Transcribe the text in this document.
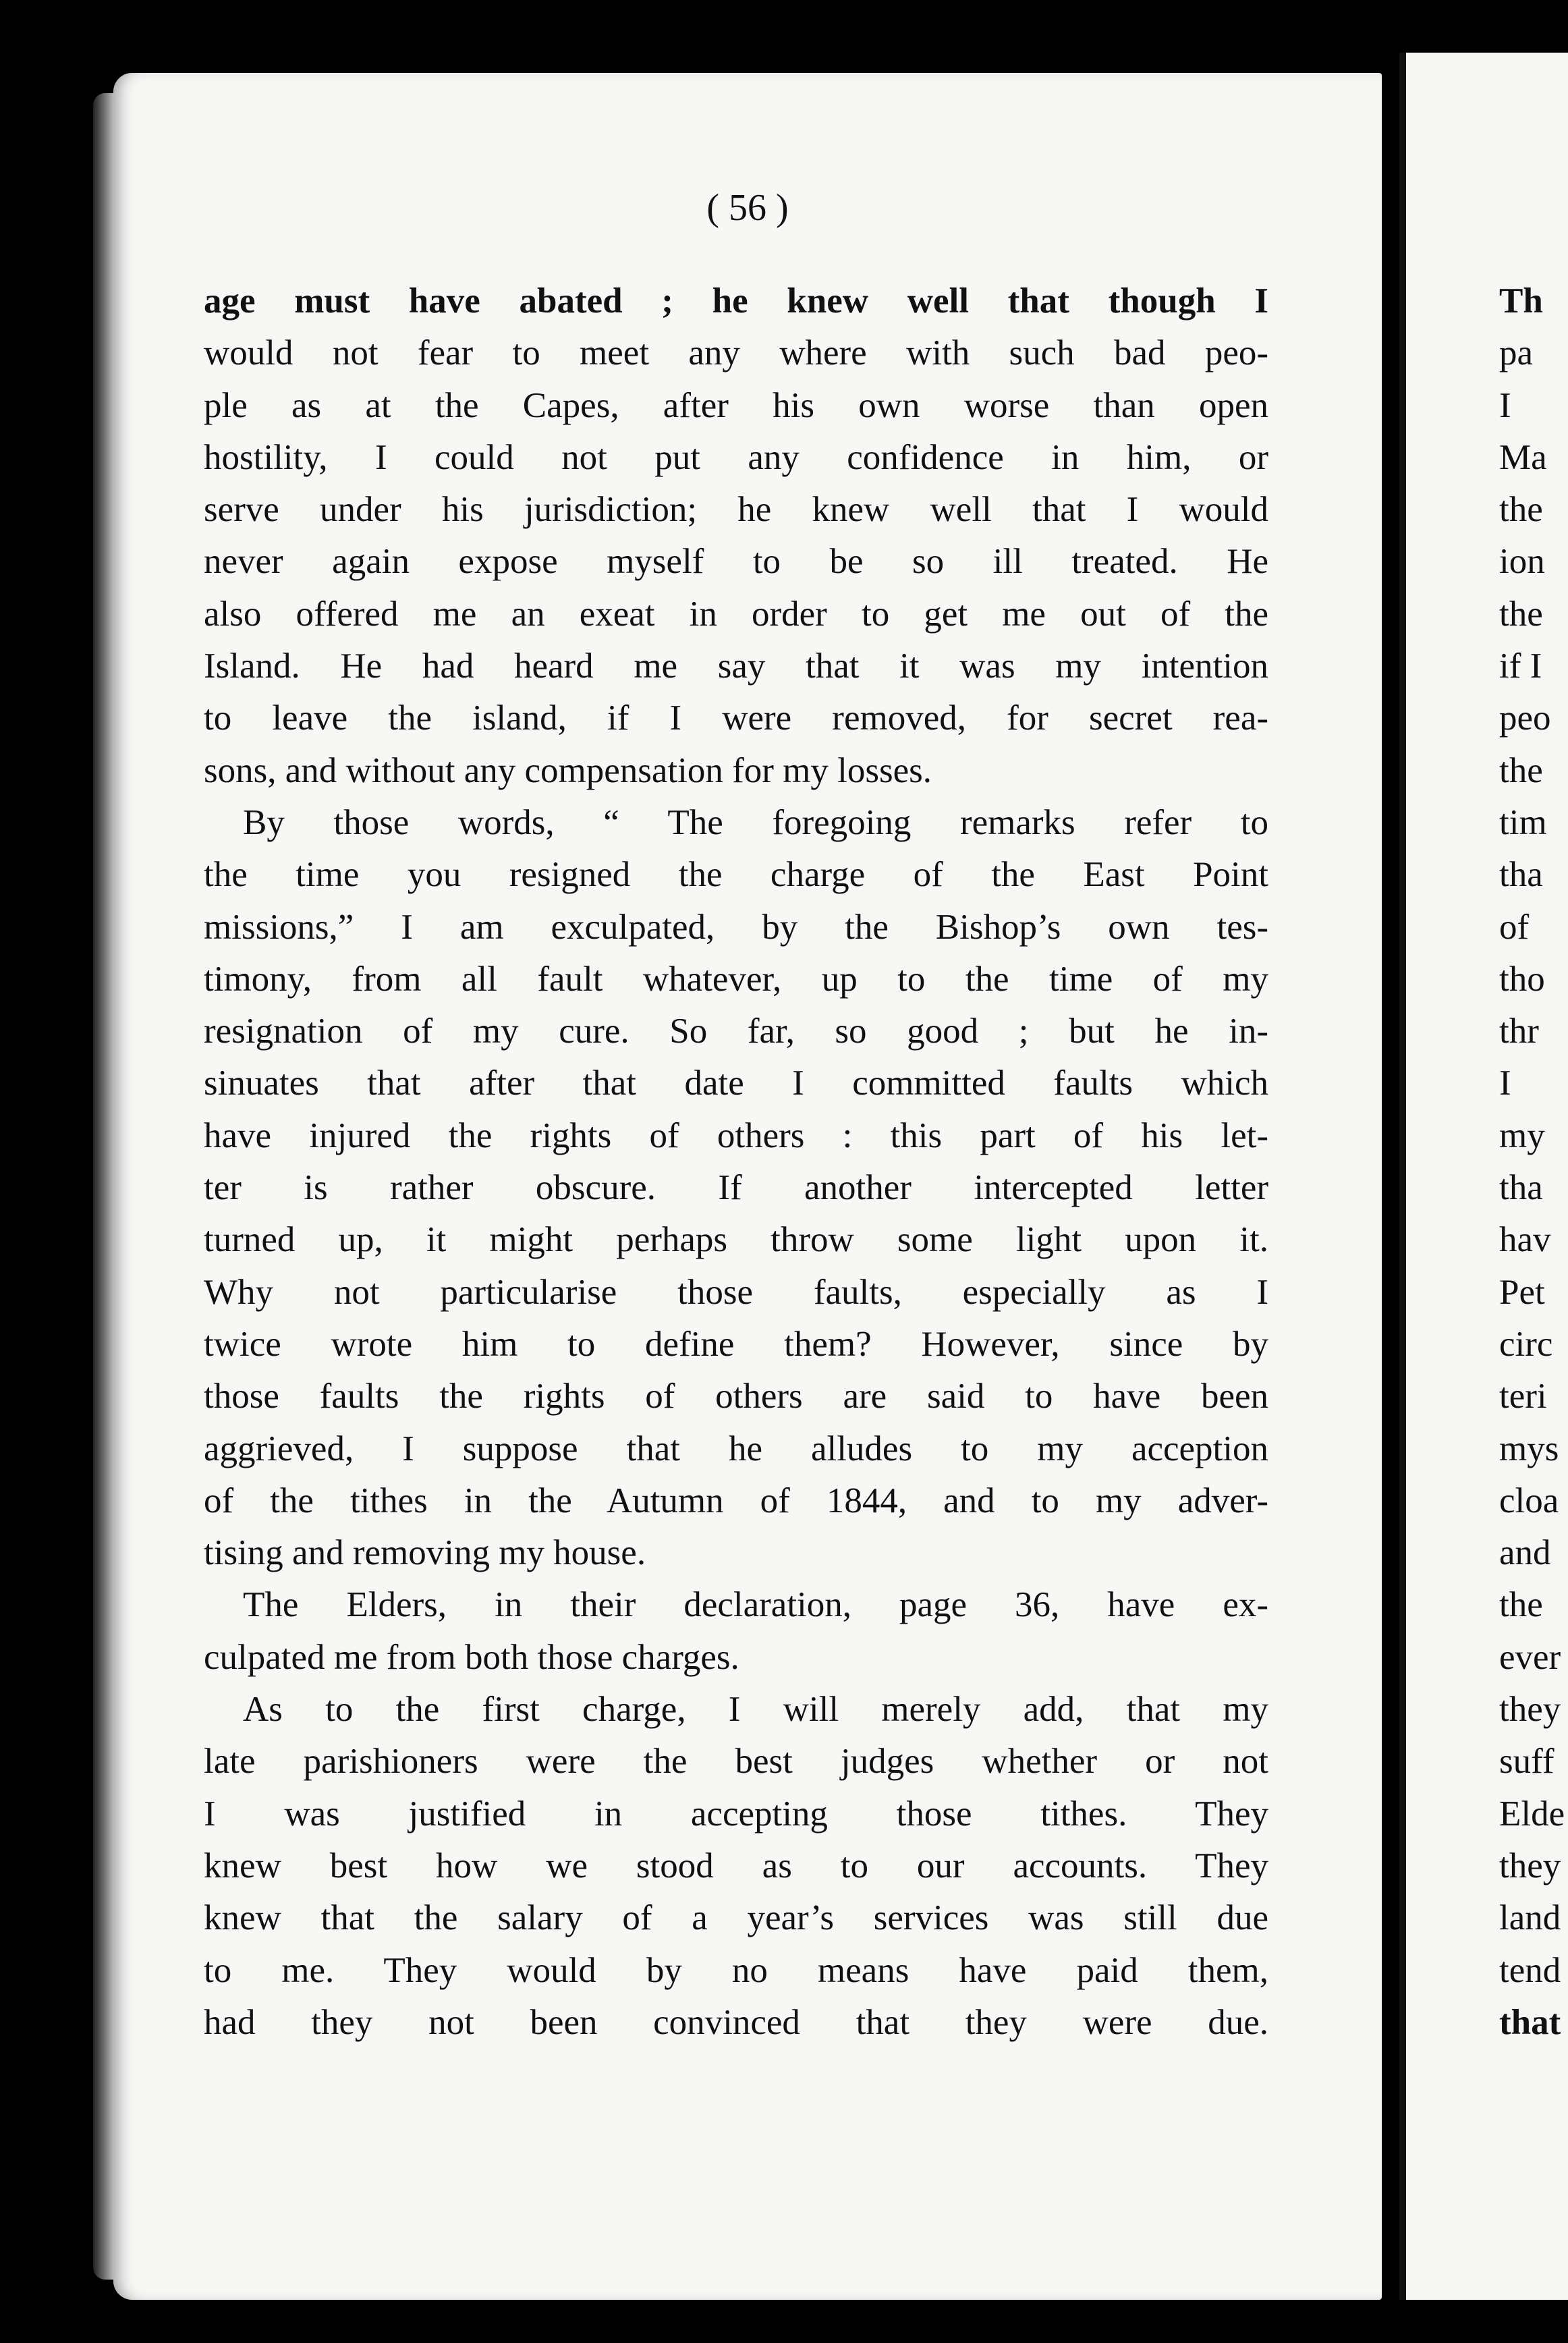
( 56 )
age must have abated ; he knew well that though I
would not fear to meet any where with such bad peo-
ple as at the Capes, after his own worse than open
hostility, I could not put any confidence in him, or
serve under his jurisdiction; he knew well that I would
never again expose myself to be so ill treated. He
also offered me an exeat in order to get me out of the
Island. He had heard me say that it was my intention
to leave the island, if I were removed, for secret rea-
sons, and without any compensation for my losses.
By those words, “ The foregoing remarks refer to
the time you resigned the charge of the East Point
missions,” I am exculpated, by the Bishop’s own tes-
timony, from all fault whatever, up to the time of my
resignation of my cure. So far, so good ; but he in-
sinuates that after that date I committed faults which
have injured the rights of others : this part of his let-
ter is rather obscure. If another intercepted letter
turned up, it might perhaps throw some light upon it.
Why not particularise those faults, especially as I
twice wrote him to define them? However, since by
those faults the rights of others are said to have been
aggrieved, I suppose that he alludes to my acception
of the tithes in the Autumn of 1844, and to my adver-
tising and removing my house.
The Elders, in their declaration, page 36, have ex-
culpated me from both those charges.
As to the first charge, I will merely add, that my
late parishioners were the best judges whether or not
I was justified in accepting those tithes. They
knew best how we stood as to our accounts. They
knew that the salary of a year’s services was still due
to me. They would by no means have paid them,
had they not been convinced that they were due.
Th
pa
I
Ma
the
ion
the
if I
peo
the
tim
tha
of
tho
thr
I
my
tha
hav
Pet
circ
teri
mys
cloa
and
the
ever
they
suff
Elde
they
land
tend
that
